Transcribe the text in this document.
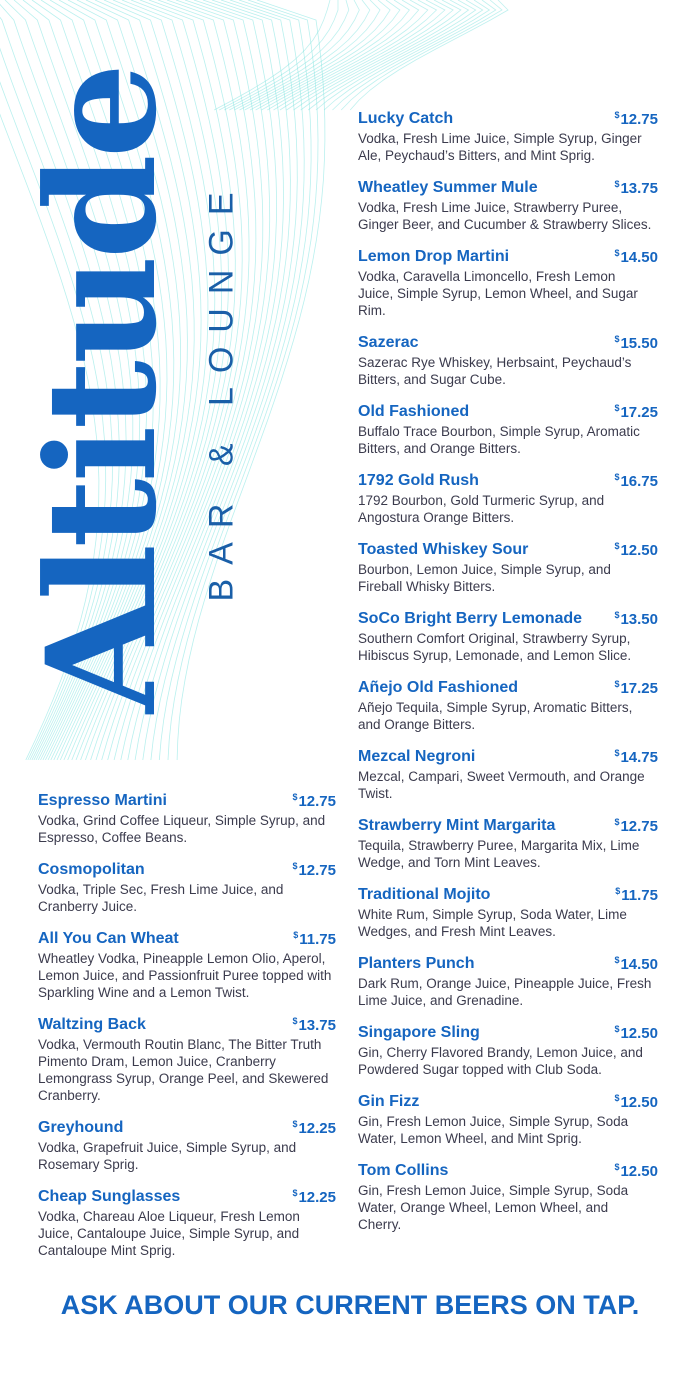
Altitude BAR & LOUNGE
Espresso Martini	$12.75
Vodka, Grind Coffee Liqueur, Simple Syrup, and Espresso, Coffee Beans.
Cosmopolitan	$12.75
Vodka, Triple Sec, Fresh Lime Juice, and Cranberry Juice.
All You Can Wheat	$11.75
Wheatley Vodka, Pineapple Lemon Olio, Aperol, Lemon Juice, and Passionfruit Puree topped with Sparkling Wine and a Lemon Twist.
Waltzing Back	$13.75
Vodka, Vermouth Routin Blanc, The Bitter Truth Pimento Dram, Lemon Juice, Cranberry Lemongrass Syrup, Orange Peel, and Skewered Cranberry.
Greyhound	$12.25
Vodka, Grapefruit Juice, Simple Syrup, and Rosemary Sprig.
Cheap Sunglasses	$12.25
Vodka, Chareau Aloe Liqueur, Fresh Lemon Juice, Cantaloupe Juice, Simple Syrup, and Cantaloupe Mint Sprig.
Lucky Catch	$12.75
Vodka, Fresh Lime Juice, Simple Syrup, Ginger Ale, Peychaud’s Bitters, and Mint Sprig.
Wheatley Summer Mule	$13.75
Vodka, Fresh Lime Juice, Strawberry Puree, Ginger Beer, and Cucumber & Strawberry Slices.
Lemon Drop Martini	$14.50
Vodka, Caravella Limoncello, Fresh Lemon Juice, Simple Syrup, Lemon Wheel, and Sugar Rim.
Sazerac	$15.50
Sazerac Rye Whiskey, Herbsaint, Peychaud’s Bitters, and Sugar Cube.
Old Fashioned	$17.25
Buffalo Trace Bourbon, Simple Syrup, Aromatic Bitters, and Orange Bitters.
1792 Gold Rush	$16.75
1792 Bourbon, Gold Turmeric Syrup, and Angostura Orange Bitters.
Toasted Whiskey Sour	$12.50
Bourbon, Lemon Juice, Simple Syrup, and Fireball Whisky Bitters.
SoCo Bright Berry Lemonade	$13.50
Southern Comfort Original, Strawberry Syrup, Hibiscus Syrup, Lemonade, and Lemon Slice.
Añejo Old Fashioned	$17.25
Añejo Tequila, Simple Syrup, Aromatic Bitters, and Orange Bitters.
Mezcal Negroni	$14.75
Mezcal, Campari, Sweet Vermouth, and Orange Twist.
Strawberry Mint Margarita	$12.75
Tequila, Strawberry Puree, Margarita Mix, Lime Wedge, and Torn Mint Leaves.
Traditional Mojito	$11.75
White Rum, Simple Syrup, Soda Water, Lime Wedges, and Fresh Mint Leaves.
Planters Punch	$14.50
Dark Rum, Orange Juice, Pineapple Juice, Fresh Lime Juice, and Grenadine.
Singapore Sling	$12.50
Gin, Cherry Flavored Brandy, Lemon Juice, and Powdered Sugar topped with Club Soda.
Gin Fizz	$12.50
Gin, Fresh Lemon Juice, Simple Syrup, Soda Water, Lemon Wheel, and Mint Sprig.
Tom Collins	$12.50
Gin, Fresh Lemon Juice, Simple Syrup, Soda Water, Orange Wheel, Lemon Wheel, and Cherry.
ASK ABOUT OUR CURRENT BEERS ON TAP.
